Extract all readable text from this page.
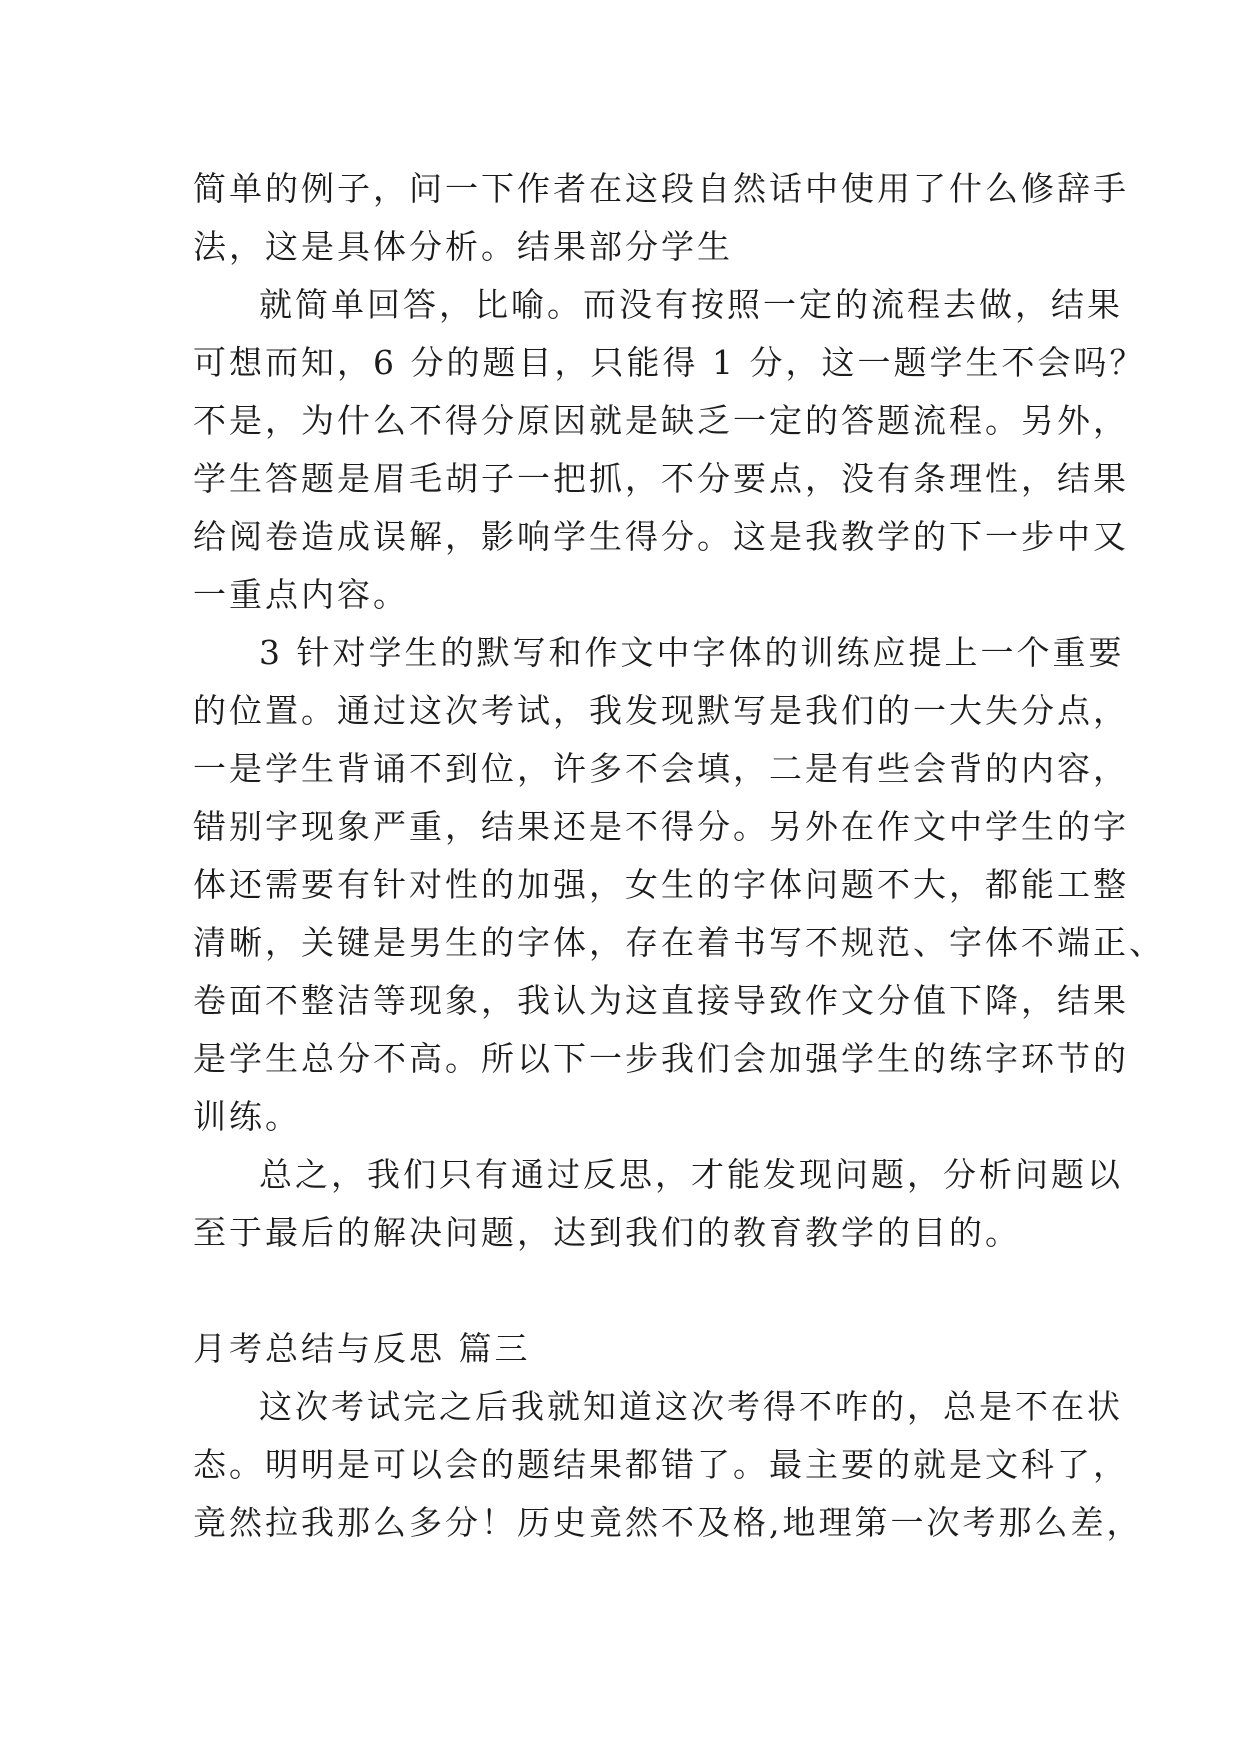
简单的例子，问一下作者在这段自然话中使用了什么修辞手
法，这是具体分析。结果部分学生
就简单回答，比喻。而没有按照一定的流程去做，结果
可想而知，6 分的题目，只能得 1 分，这一题学生不会吗？
不是，为什么不得分原因就是缺乏一定的答题流程。另外，
学生答题是眉毛胡子一把抓，不分要点，没有条理性，结果
给阅卷造成误解，影响学生得分。这是我教学的下一步中又
一重点内容。
3 针对学生的默写和作文中字体的训练应提上一个重要
的位置。通过这次考试，我发现默写是我们的一大失分点，
一是学生背诵不到位，许多不会填，二是有些会背的内容，
错别字现象严重，结果还是不得分。另外在作文中学生的字
体还需要有针对性的加强，女生的字体问题不大，都能工整
清晰，关键是男生的字体，存在着书写不规范、字体不端正、
卷面不整洁等现象，我认为这直接导致作文分值下降，结果
是学生总分不高。所以下一步我们会加强学生的练字环节的
训练。
总之，我们只有通过反思，才能发现问题，分析问题以
至于最后的解决问题，达到我们的教育教学的目的。
月考总结与反思 篇三
这次考试完之后我就知道这次考得不咋的，总是不在状
态。明明是可以会的题结果都错了。最主要的就是文科了，
竟然拉我那么多分！历史竟然不及格,地理第一次考那么差，
